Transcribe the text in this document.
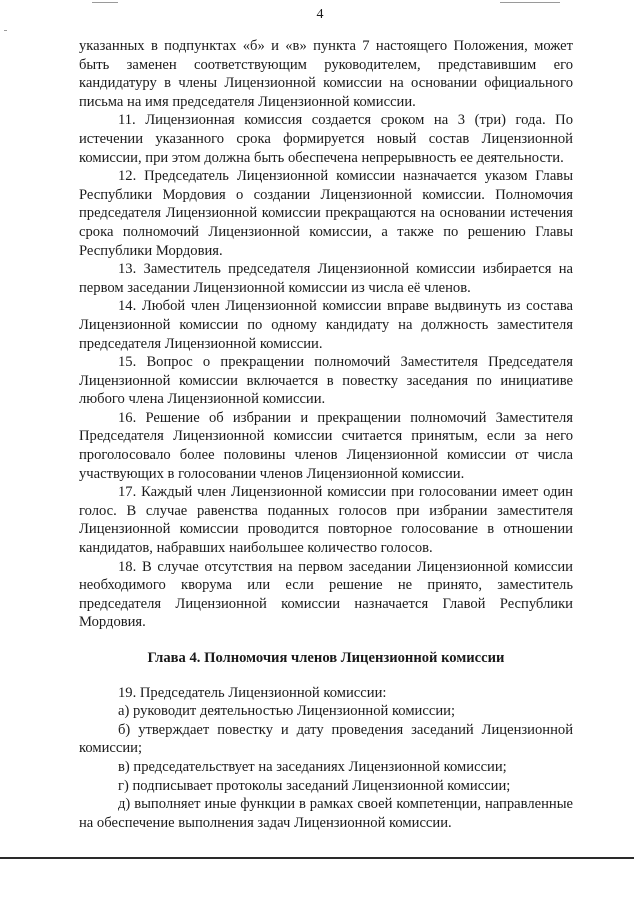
4

указанных в подпунктах «б» и «в» пункта 7 настоящего Положения, может быть заменен соответствующим руководителем, представившим его кандидатуру в члены Лицензионной комиссии на основании официального письма на имя председателя Лицензионной комиссии.

11. Лицензионная комиссия создается сроком на 3 (три) года. По истечении указанного срока формируется новый состав Лицензионной комиссии, при этом должна быть обеспечена непрерывность ее деятельности.

12. Председатель Лицензионной комиссии назначается указом Главы Республики Мордовия о создании Лицензионной комиссии. Полномочия председателя Лицензионной комиссии прекращаются на основании истечения срока полномочий Лицензионной комиссии, а также по решению Главы Республики Мордовия.

13. Заместитель председателя Лицензионной комиссии избирается на первом заседании Лицензионной комиссии из числа её членов.

14. Любой член Лицензионной комиссии вправе выдвинуть из состава Лицензионной комиссии по одному кандидату на должность заместителя председателя Лицензионной комиссии.

15. Вопрос о прекращении полномочий Заместителя Председателя Лицензионной комиссии включается в повестку заседания по инициативе любого члена Лицензионной комиссии.

16. Решение об избрании и прекращении полномочий Заместителя Председателя Лицензионной комиссии считается принятым, если за него проголосовало более половины членов Лицензионной комиссии от числа участвующих в голосовании членов Лицензионной комиссии.

17. Каждый член Лицензионной комиссии при голосовании имеет один голос. В случае равенства поданных голосов при избрании заместителя Лицензионной комиссии проводится повторное голосование в отношении кандидатов, набравших наибольшее количество голосов.

18. В случае отсутствия на первом заседании Лицензионной комиссии необходимого кворума или если решение не принято, заместитель председателя Лицензионной комиссии назначается Главой Республики Мордовия.

Глава 4. Полномочия членов Лицензионной комиссии

19. Председатель Лицензионной комиссии:

а) руководит деятельностью Лицензионной комиссии;

б) утверждает повестку и дату проведения заседаний Лицензионной комиссии;

в) председательствует на заседаниях Лицензионной комиссии;

г) подписывает протоколы заседаний Лицензионной комиссии;

д) выполняет иные функции в рамках своей компетенции, направленные на обеспечение выполнения задач Лицензионной комиссии.
